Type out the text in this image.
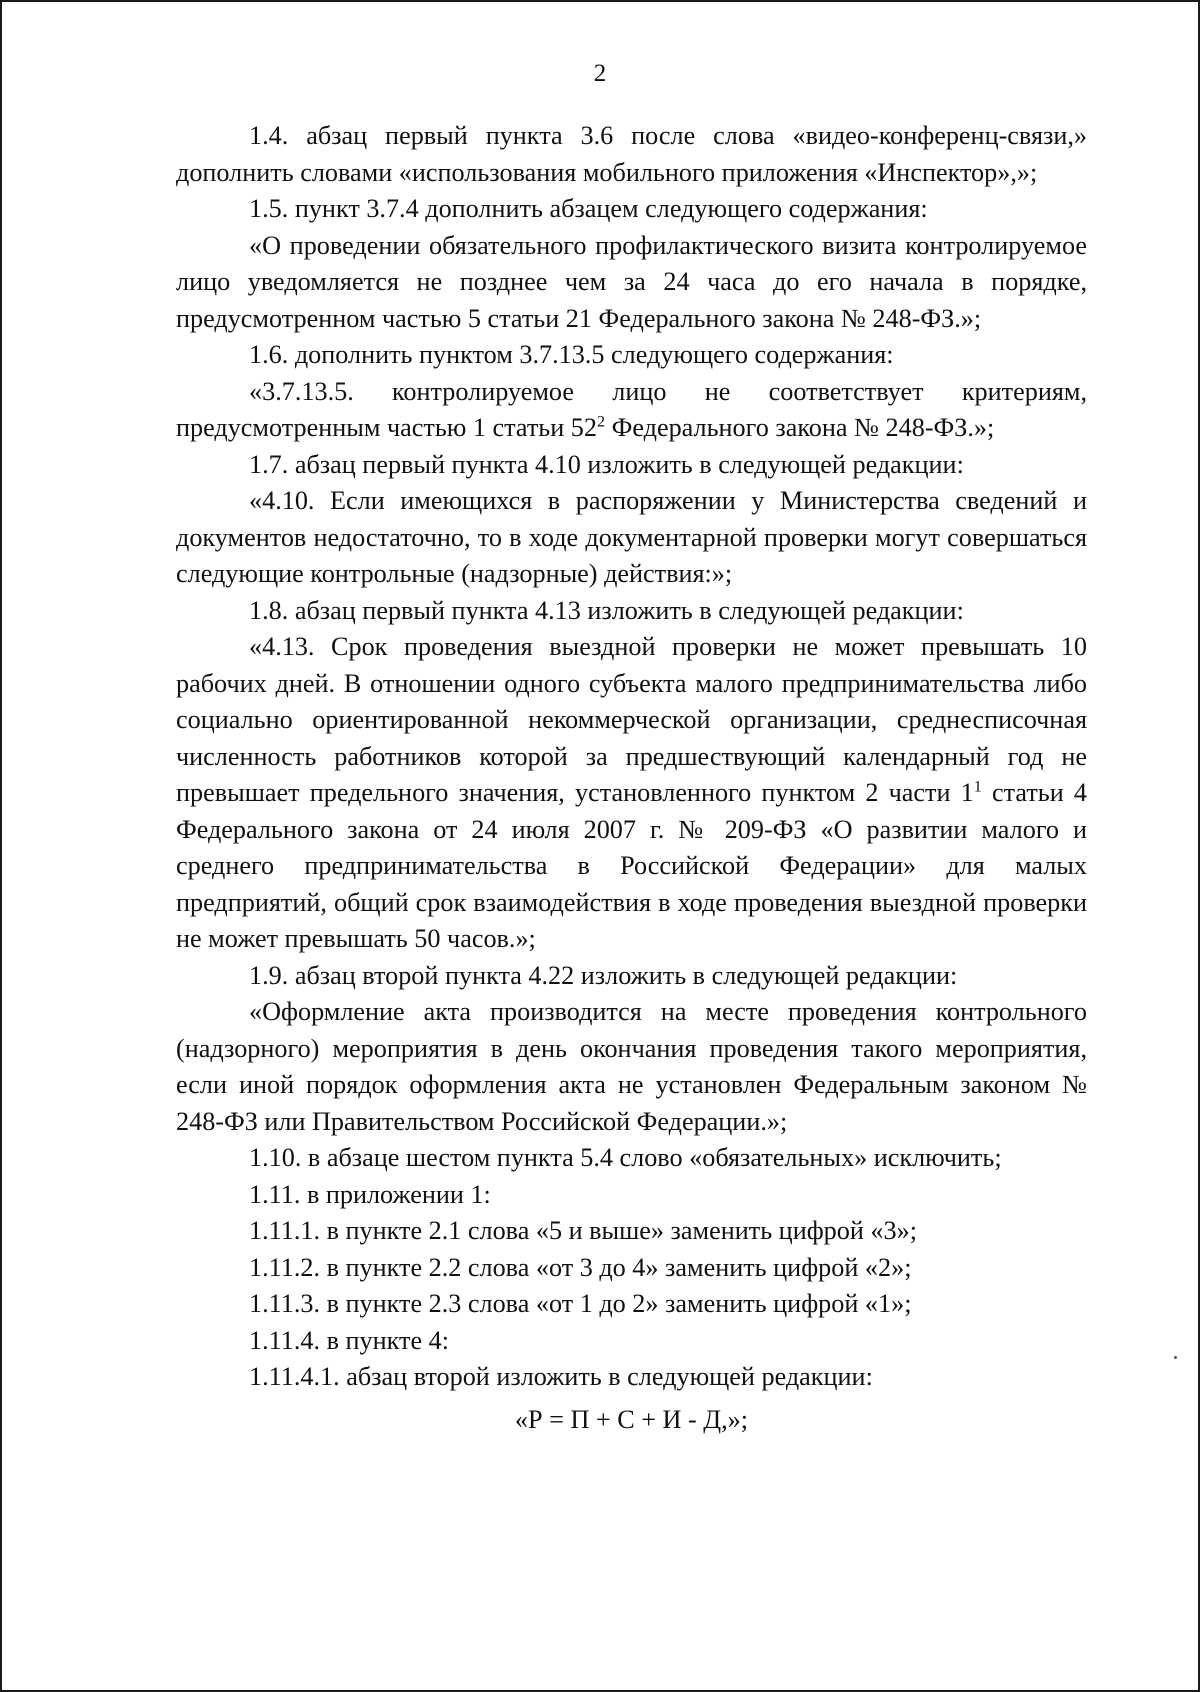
2

1.4. абзац первый пункта 3.6 после слова «видео-конференц-связи,» дополнить словами «использования мобильного приложения «Инспектор»,»;

1.5. пункт 3.7.4 дополнить абзацем следующего содержания:

«О проведении обязательного профилактического визита контролируемое лицо уведомляется не позднее чем за 24 часа до его начала в порядке, предусмотренном частью 5 статьи 21 Федерального закона № 248-ФЗ.»;

1.6. дополнить пунктом 3.7.13.5 следующего содержания:

«3.7.13.5. контролируемое лицо не соответствует критериям, предусмотренным частью 1 статьи $52^2$ Федерального закона № 248-ФЗ.»;

1.7. абзац первый пункта 4.10 изложить в следующей редакции:

«4.10. Если имеющихся в распоряжении у Министерства сведений и документов недостаточно, то в ходе документарной проверки могут совершаться следующие контрольные (надзорные) действия:»;

1.8. абзац первый пункта 4.13 изложить в следующей редакции:

«4.13. Срок проведения выездной проверки не может превышать 10 рабочих дней. В отношении одного субъекта малого предпринимательства либо социально ориентированной некоммерческой организации, среднесписочная численность работников которой за предшествующий календарный год не превышает предельного значения, установленного пунктом 2 части $1^1$ статьи 4 Федерального закона от 24 июля 2007 г. № 209-ФЗ «О развитии малого и среднего предпринимательства в Российской Федерации» для малых предприятий, общий срок взаимодействия в ходе проведения выездной проверки не может превышать 50 часов.»;

1.9. абзац второй пункта 4.22 изложить в следующей редакции:

«Оформление акта производится на месте проведения контрольного (надзорного) мероприятия в день окончания проведения такого мероприятия, если иной порядок оформления акта не установлен Федеральным законом № 248-ФЗ или Правительством Российской Федерации.»;

1.10. в абзаце шестом пункта 5.4 слово «обязательных» исключить;

1.11. в приложении 1:

1.11.1. в пункте 2.1 слова «5 и выше» заменить цифрой «3»;

1.11.2. в пункте 2.2 слова «от 3 до 4» заменить цифрой «2»;

1.11.3. в пункте 2.3 слова «от 1 до 2» заменить цифрой «1»;

1.11.4. в пункте 4:

1.11.4.1. абзац второй изложить в следующей редакции:

«Р = П + С + И - Д,»;
